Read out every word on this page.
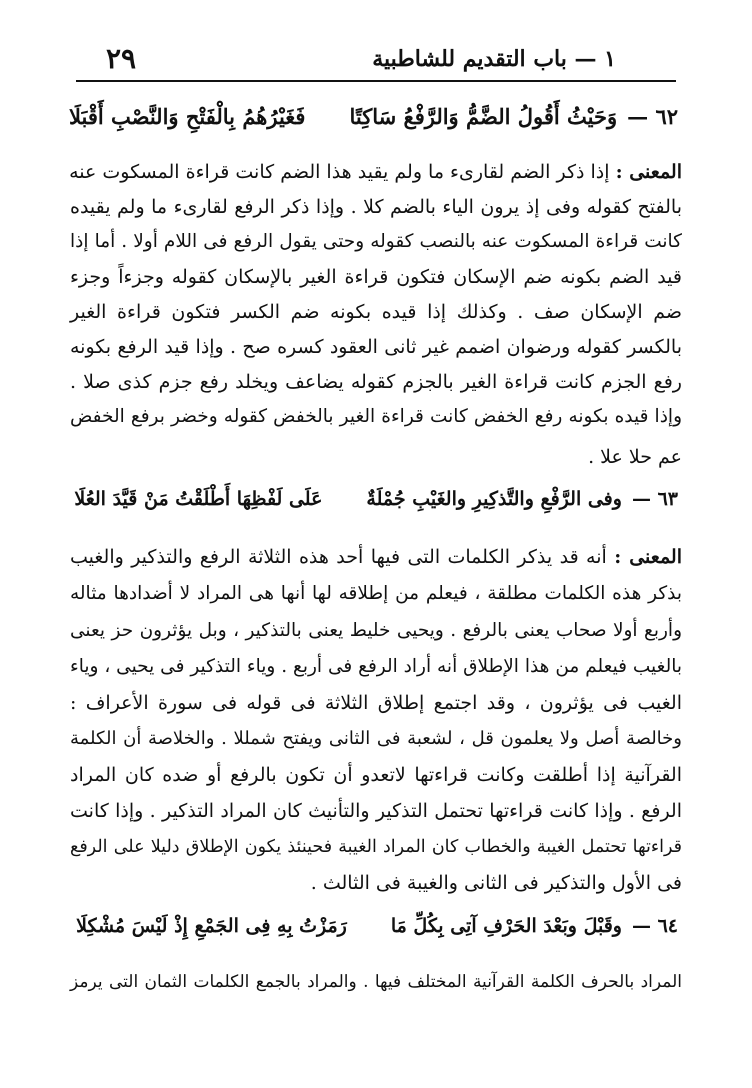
٢٩	١ — باب التقديم للشاطبية
٦٢ —وَحَيْثُ أَقُولُ الضَّمُّ وَالرَّفْعُ سَاكِتًافَغَيْرُهُمُ بِالْفَتْحِ وَالنَّصْبِ أَقْبَلَا
المعنى : إذا ذكر الضم لقارىء ما ولم يقيد هذا الضم كانت قراءة المسكوت عنه
بالفتح كقوله وفى إذ يرون الياء بالضم كلا . وإذا ذكر الرفع لقارىء ما ولم يقيده
كانت قراءة المسكوت عنه بالنصب كقوله وحتى يقول الرفع فى اللام أولا . أما إذا
قيد الضم بكونه ضم الإسكان فتكون قراءة الغير بالإسكان كقوله وجزءاً وجزء
ضم الإسكان صف . وكذلك إذا قيده بكونه ضم الكسر فتكون قراءة الغير
بالكسر كقوله ورضوان اضمم غير ثانى العقود كسره صح . وإذا قيد الرفع بكونه
رفع الجزم كانت قراءة الغير بالجزم كقوله يضاعف ويخلد رفع جزم كذى صلا .
وإذا قيده بكونه رفع الخفض كانت قراءة الغير بالخفض كقوله وخضر برفع الخفض
عم حلا علا .
٦٣ —وفى الرَّفْعِ والتَّذكِيرِ والغَيْبِ جُمْلَةٌعَلَى لَفْظِهَا أَطْلَقْتُ مَنْ قَيَّدَ العُلَا
المعنى : أنه قد يذكر الكلمات التى فيها أحد هذه الثلاثة الرفع والتذكير والغيب
بذكر هذه الكلمات مطلقة ، فيعلم من إطلاقه لها أنها هى المراد لا أضدادها مثاله
وأربع أولا صحاب يعنى بالرفع . ويحيى خليط يعنى بالتذكير ، وبل يؤثرون حز يعنى
بالغيب فيعلم من هذا الإطلاق أنه أراد الرفع فى أربع . وياء التذكير فى يحيى ، وياء
الغيب فى يؤثرون ، وقد اجتمع إطلاق الثلاثة فى قوله فى سورة الأعراف :
وخالصة أصل ولا يعلمون قل ، لشعبة فى الثانى ويفتح شمللا . والخلاصة أن الكلمة
القرآنية إذا أطلقت وكانت قراءتها لاتعدو أن تكون بالرفع أو ضده كان المراد
الرفع . وإذا كانت قراءتها تحتمل التذكير والتأنيث كان المراد التذكير . وإذا كانت
قراءتها تحتمل الغيبة والخطاب كان المراد الغيبة فحينئذ يكون الإطلاق دليلا على الرفع
فى الأول والتذكير فى الثانى والغيبة فى الثالث .
٦٤ —وقَبْلَ وبَعْدَ الحَرْفِ آتِى بِكُلِّ مَارَمَزْتُ بِهِ فِى الجَمْعِ إِذْ لَيْسَ مُشْكِلَا
المراد بالحرف الكلمة القرآنية المختلف فيها . والمراد بالجمع الكلمات الثمان التى يرمز
